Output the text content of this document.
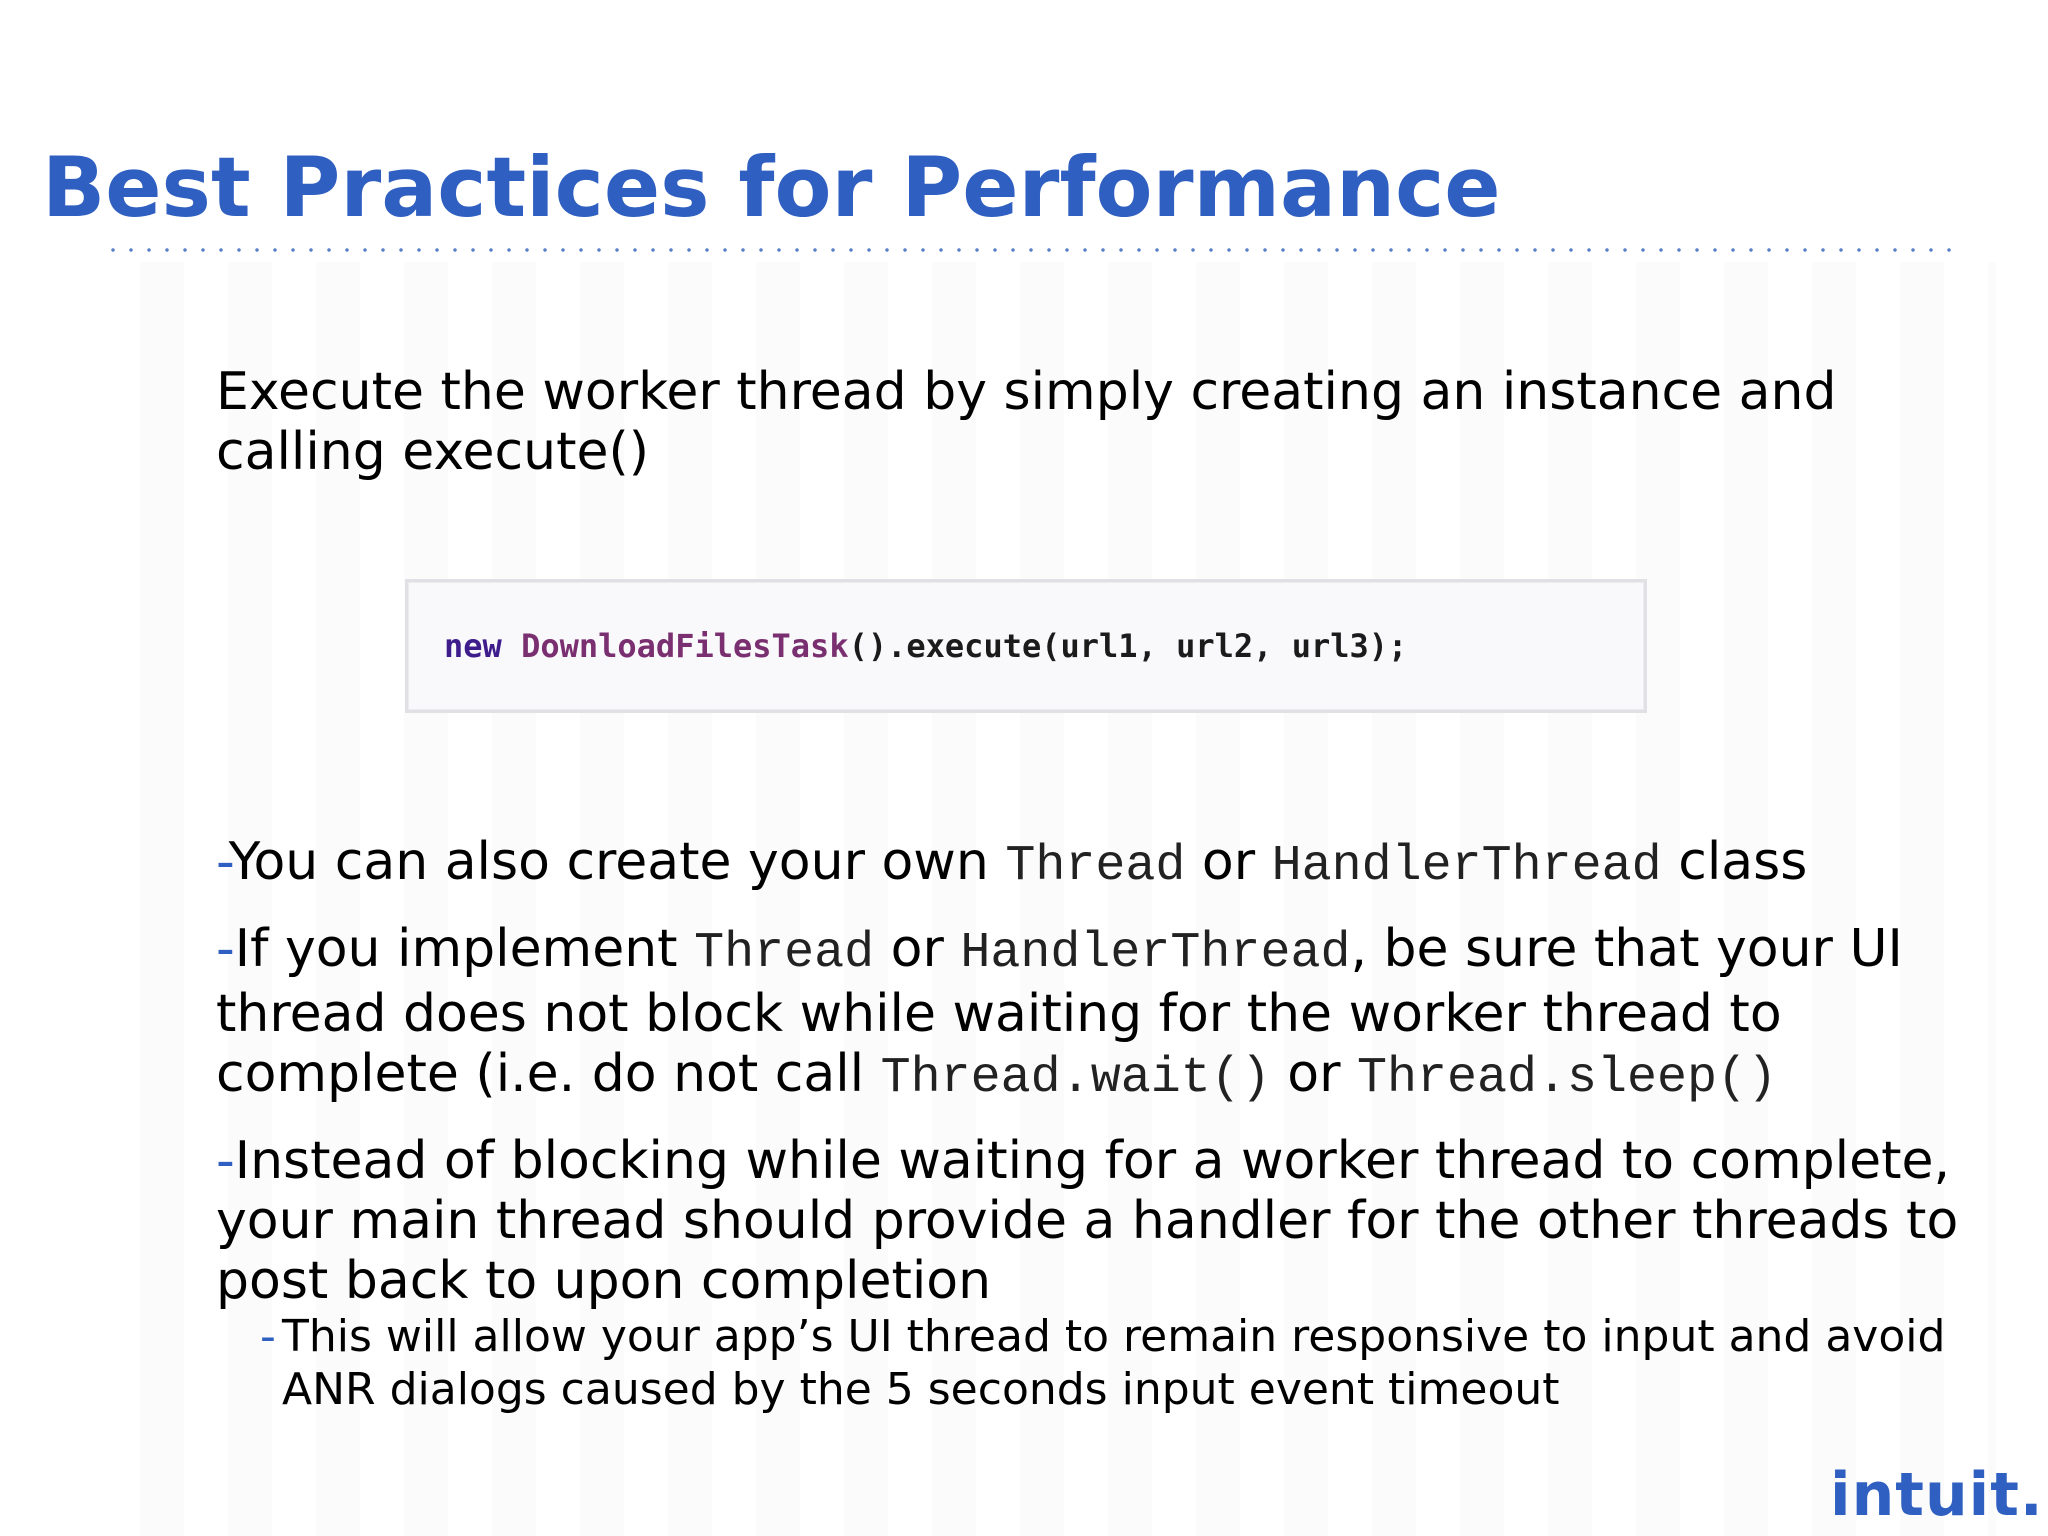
Best Practices for Performance

Execute the worker thread by simply creating an instance and calling execute()

new DownloadFilesTask().execute(url1, url2, url3);
-You can also create your own Thread or HandlerThread class
-If you implement Thread or HandlerThread, be sure that your UI thread does not block while waiting for the worker thread to complete (i.e. do not call Thread.wait() or Thread.sleep()
-Instead of blocking while waiting for a worker thread to complete, your main thread should provide a handler for the other threads to post back to upon completion

- This will allow your app’s UI thread to remain responsive to input and avoid ANR dialogs caused by the 5 seconds input event timeout

intuit.
